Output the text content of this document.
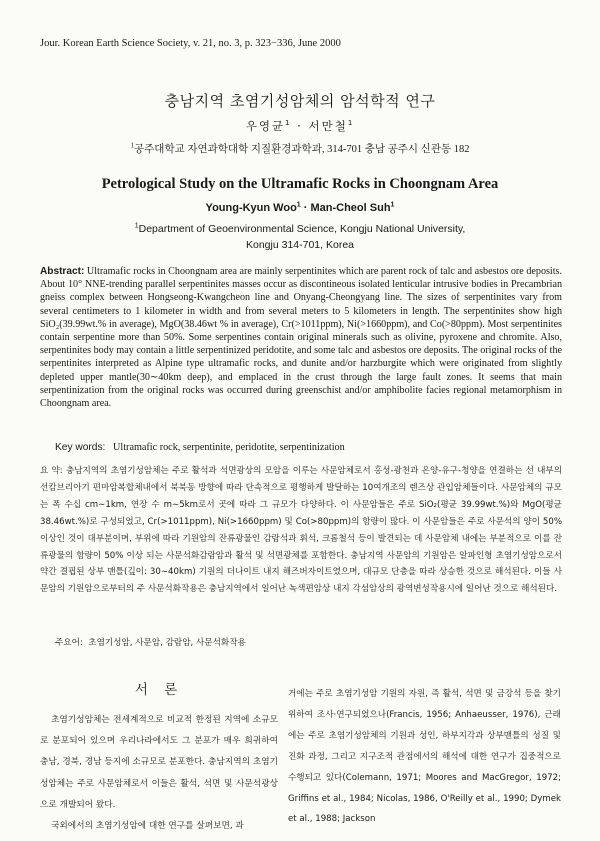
Jour. Korean Earth Science Society, v. 21, no. 3, p. 323−336, June 2000
충남지역 초염기성암체의 암석학적 연구
우영균$^1$ · 서만철$^1$
$^1$공주대학교 자연과학대학 지질환경과학과, 314-701 충남 공주시 신관동 182
Petrological Study on the Ultramafic Rocks in Choongnam Area
Young-Kyun Woo$^1$ · Man-Cheol Suh$^1$
$^1$Department of Geoenvironmental Science, Kongju National University,
Kongju 314-701, Korea
Abstract: Ultramafic rocks in Choongnam area are mainly serpentinites which are parent rock of talc and asbestos ore deposits. About 10° NNE-trending parallel serpentinites masses occur as discontineous isolated lenticular intrusive bodies in Precambrian gneiss complex between Hongseong-Kwangcheon line and Onyang-Cheongyang line. The sizes of serpentinites vary from several centimeters to 1 kilometer in width and from several meters to 5 kilometers in length. The serpentinites show high SiO₂(39.99wt.% in average), MgO(38.46wt % in average), Cr(>1011ppm), Ni(>1660ppm), and Co(>80ppm). Most serpentinites contain serpentine more than 50%. Some serpentines contain original minerals such as olivine, pyroxene and chromite. Also, serpentinites body may contain a little serpentinized peridotite, and some talc and asbestos ore deposits. The original rocks of the serpentinites interpreted as Alpine type ultramafic rocks, and dunite and/or harzburgite which were originated from slightly depleted upper mantle(30∼40km deep), and emplaced in the crust through the large fault zones. It seems that main serpentinization from the original rocks was occurred during greenschist and/or amphibolite facies regional metamorphism in Choongnam area.
Key words: Ultramafic rock, serpentinite, peridotite, serpentinization
요 약: 충남지역의 초염기성암체는 주로 활석과 석면광상의 모암을 이루는 사문암체로서 홍성-광천과 온양-유구-청양을 연결하는 선 내부의 선캄브리아기 편마암복합체내에서 북북동 방향에 따라 단속적으로 평행하게 발달하는 10여개조의 렌즈상 관입암체들이다. 사문암체의 규모는 폭 수십 cm∼1km, 연장 수 m∼5km로서 곳에 따라 그 규모가 다양하다. 이 사문암들은 주로 SiO₂(평균 39.99wt.%)와 MgO(평균 38.46wt.%)로 구성되었고, Cr(>1011ppm), Ni(>1660ppm) 및 Co(>80ppm)의 함량이 많다. 이 사문암들은 주로 사문석의 양이 50% 이상인 것이 대부분이며, 부위에 따라 기원암의 잔류광물인 감람석과 휘석, 크롬철석 등이 발견되는 데 사문암체 내에는 부분적으로 이를 잔류광물의 함량이 50% 이상 되는 사문석화감람암과 활석 및 석면광체를 포함한다. 충남지역 사문암의 기원암은 알파인형 초염기성암으로서 약간 결핍된 상부 맨틀(깊이: 30∼40km) 기원의 더나이트 내지 해즈버자이트였으며, 대규모 단층을 따라 상승한 것으로 해석된다. 이들 사문암의 기원암으로부터의 주 사문석화작용은 충남지역에서 일어난 녹색편암상 내지 각섬암상의 광역변성작용시에 일어난 것으로 해석된다.
주요어: 초염기성암, 사문암, 감람암, 사문석화작용
서 론

초염기성암체는 전세계적으로 비교적 한정된 지역에 소규모로 분포되어 있으며 우리나라에서도 그 분포가 매우 희귀하여 충남, 경북, 경남 등지에 소규모로 분포한다. 충남지역의 초염기성암체는 주로 사문암체로서 이들은 활석, 석면 및 사문석광상으로 개발되어 왔다.

국외에서의 초염기성암에 대한 연구를 살펴보면, 과

거에는 주로 초염기성암 기원의 자원, 즉 활석, 석면 및 금강석 등을 찾기 위하여 조사·연구되었으나(Francis, 1956; Anhaeusser, 1976), 근래에는 주로 초염기성암체의 기원과 성인, 하부지각과 상부맨틀의 성질 및 진화 과정, 그리고 지구조적 관점에서의 해석에 대한 연구가 집중적으로 수행되고 있다(Colemann, 1971; Moores and MacGregor, 1972; Griffins et al., 1984; Nicolas, 1986, O'Reilly et al., 1990; Dymek et al., 1988; Jackson
